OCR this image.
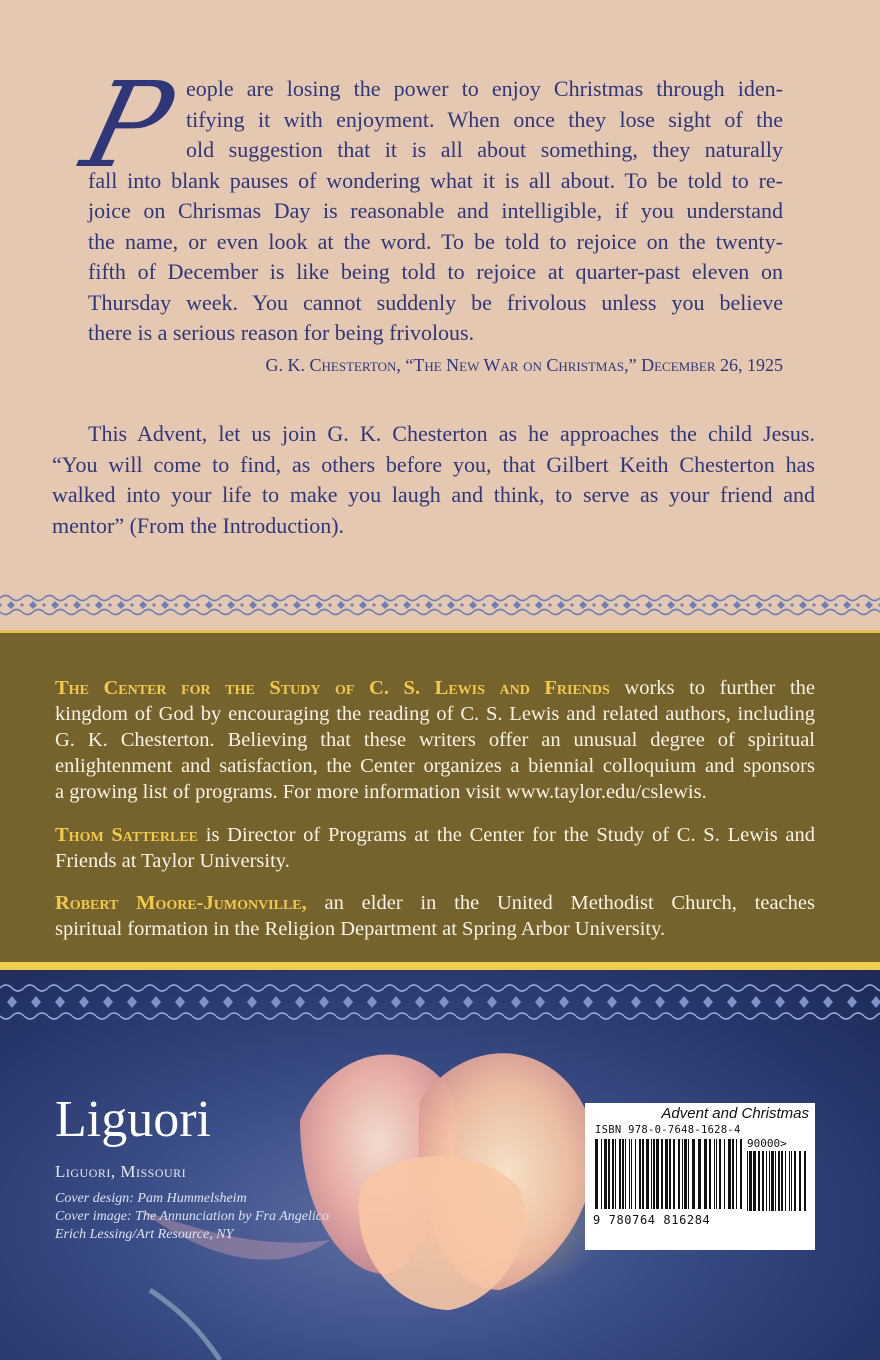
P eople are losing the power to enjoy Christmas through iden-
tifying it with enjoyment. When once they lose sight of the
old suggestion that it is all about something, they naturally
fall into blank pauses of wondering what it is all about. To be told to re-
joice on Chrismas Day is reasonable and intelligible, if you understand
the name, or even look at the word. To be told to rejoice on the twenty-
fifth of December is like being told to rejoice at quarter-past eleven on
Thursday week. You cannot suddenly be frivolous unless you believe
there is a serious reason for being frivolous.
G. K. Chesterton, “The New War on Christmas,” December 26, 1925
This Advent, let us join G. K. Chesterton as he approaches the child Jesus.
“You will come to find, as others before you, that Gilbert Keith Chesterton has
walked into your life to make you laugh and think, to serve as your friend and
mentor” (From the Introduction).
The Center for the Study of C. S. Lewis and Friends works to further the
kingdom of God by encouraging the reading of C. S. Lewis and related authors, including
G. K. Chesterton. Believing that these writers offer an unusual degree of spiritual
enlightenment and satisfaction, the Center organizes a biennial colloquium and sponsors
a growing list of programs. For more information visit www.taylor.edu/cslewis.
Thom Satterlee is Director of Programs at the Center for the Study of C. S. Lewis and
Friends at Taylor University.
Robert Moore-Jumonville, an elder in the United Methodist Church, teaches
spiritual formation in the Religion Department at Spring Arbor University.
Liguori
Liguori, Missouri
Cover design: Pam Hummelsheim
Cover image: The Annunciation by Fra Angelico
Erich Lessing/Art Resource, NY
Advent and Christmas
ISBN 978-0-7648-1628-4
90000>
9 780764 816284
